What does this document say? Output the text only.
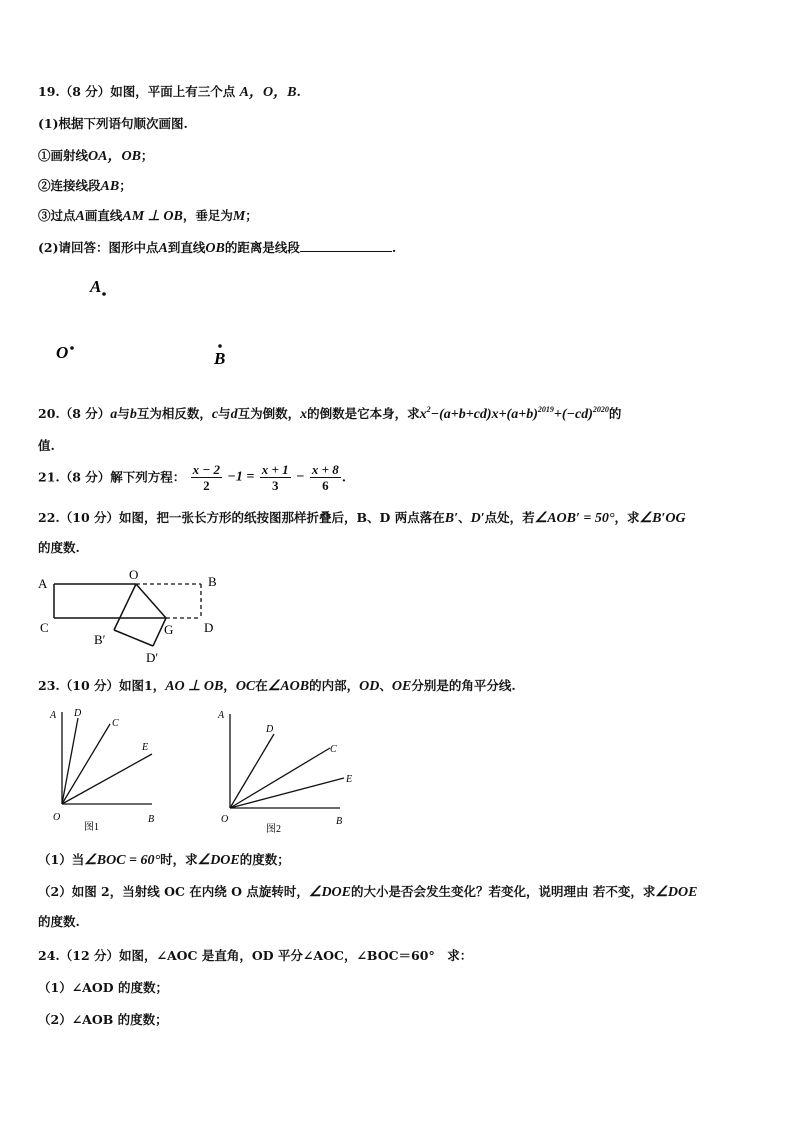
19.（8 分）如图，平面上有三个点 A，O，B.
(1)根据下列语句顺次画图.
①画射线OA，OB；
②连接线段AB；
③过点A画直线AM ⊥ OB，垂足为M；
(2)请回答：图形中点A到直线OB的距离是线段	.
A
O	B
20.（8 分）a与b互为相反数，c与d互为倒数，x的倒数是它本身，求$x^2-(a+b+cd)x+(a+b)^{2019}+(-cd)^{2020}$的
值.
21.（8 分）解下列方程： $\frac{x - 2}{2} -1 = \frac{x + 1}{3} - \frac{x + 8}{6}$ .
22.（10 分）如图，把一张长方形的纸按图那样折叠后，B、D 两点落在B′、D′点处，若∠AOB′ = 50°，求∠B′OG
的度数.
A
O	B
C	G D
B′
D′
23.（10 分）如图1，AO ⊥ OB，OC在∠AOB的内部，OD、OE分别是的角平分线.
A D
C
E
O	B
图1
A
D
C
E
O	B
图2
（1）当∠BOC = 60°时，求∠DOE的度数；
（2）如图 2，当射线 OC 在内绕 O 点旋转时，∠DOE的大小是否会发生变化？若变化，说明理由 若不变，求∠DOE
的度数.
24.（12 分）如图，∠AOC 是直角，OD 平分∠AOC，∠BOC＝60°　求：
（1）∠AOD 的度数；
（2）∠AOB 的度数；
